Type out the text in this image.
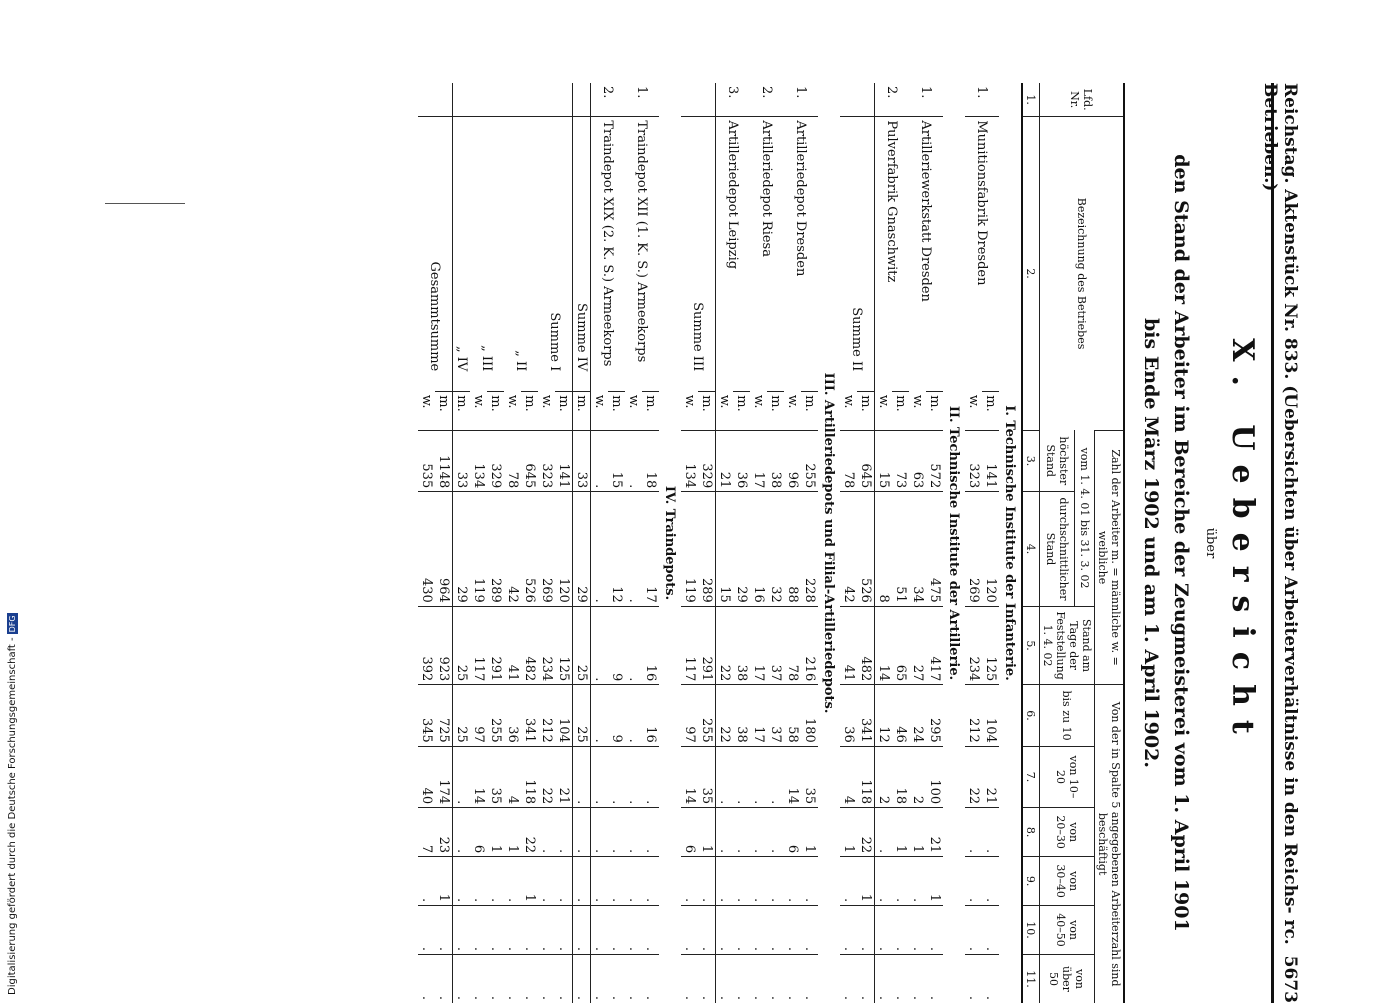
Reichstag. Aktenstück Nr. 833. (Uebersichten über Arbeiterverhältnisse in den Reichs- rc. Betrieben.)
5673
X. Uebersicht
über
den Stand der Arbeiter im Bereiche der Zeugmeisterei vom 1. April 1901
bis Ende März 1902 und am 1. April 1902.
Lfd. Nr.	Bezeichnung des Betriebes		Zahl der Arbeiter m. = männliche w. = weibliche			Von der in Spalte 5 angegebenen Arbeiterzahl sind beschäftigt					
			vom 1. 4. 01 bis 31. 3. 02		Stand am Tage der Feststellung 1. 4. 02	bis zu 10	von 10–20	von 20–30	von 30–40	von 40–50	von über 50
			höchster Stand	durchschnittlicher Stand							
1.	2.		3.	4.	5.	6.	7.	8.	9.	10.	11.
I. Technische Institute der Infanterie.											
1.	Munitionsfabrik Dresden	m.	141	120	125	104	21	.	.	.	.
		w.	323	269	234	212	22	.	.	.	.
II. Technische Institute der Artillerie.											
1.	Artilleriewerkstatt Dresden	m.	572	475	417	295	100	21	1	.	.
		w.	63	34	27	24	2	1	.	.	.
2.	Pulverfabrik Gnaschwitz	m.	73	51	65	46	18	1	.	.	.
		w.	15	8	14	12	2	.	.	.	.
	Summe II	m.	645	526	482	341	118	22	1	.	.
		w.	78	42	41	36	4	1	.	.	.
III. Artilleriedepots und Filial-Artilleriedepots.											
1.	Artilleriedepot Dresden	m.	255	228	216	180	35	1	.	.	.
		w.	96	88	78	58	14	6	.	.	.
2.	Artilleriedepot Riesa	m.	38	32	37	37	.	.	.	.	.
		w.	17	16	17	17	.	.	.	.	.
3.	Artilleriedepot Leipzig	m.	36	29	38	38	.	.	.	.	.
		w.	21	15	22	22	.	.	.	.	.
	Summe III	m.	329	289	291	255	35	1	.	.	.
		w.	134	119	117	97	14	6	.	.	.
IV. Traindepots.											
1.	Traindepot XII (1. K. S.) Armeekorps	m.	18	17	16	16	.	.	.	.	.
		w.	.	.	.	.	.	.	.	.	.
2.	Traindepot XIX (2. K. S.) Armeekorps	m.	15	12	9	9	.	.	.	.	.
		w.	.	.	.	.	.	.	.	.	.
	Summe IV	m.	33	29	25	25	.	.	.	.	.
	Summe I	m.	141	120	125	104	21	.	.	.	.
		w.	323	269	234	212	22	.	.	.	.
	„ II	m.	645	526	482	341	118	22	1	.	.
		w.	78	42	41	36	4	1	.	.	.
	„ III	m.	329	289	291	255	35	1	.	.	.
		w.	134	119	117	97	14	6	.	.	.
	„ IV	m.	33	29	25	25	.	.	.	.	.
	Gesammtsumme	m.	1148	964	923	725	174	23	1	.	.
		w.	535	430	392	345	40	7	.	.	.
Digitalisierung gefördert durch die Deutsche Forschungsgemeinschaft -DFG
